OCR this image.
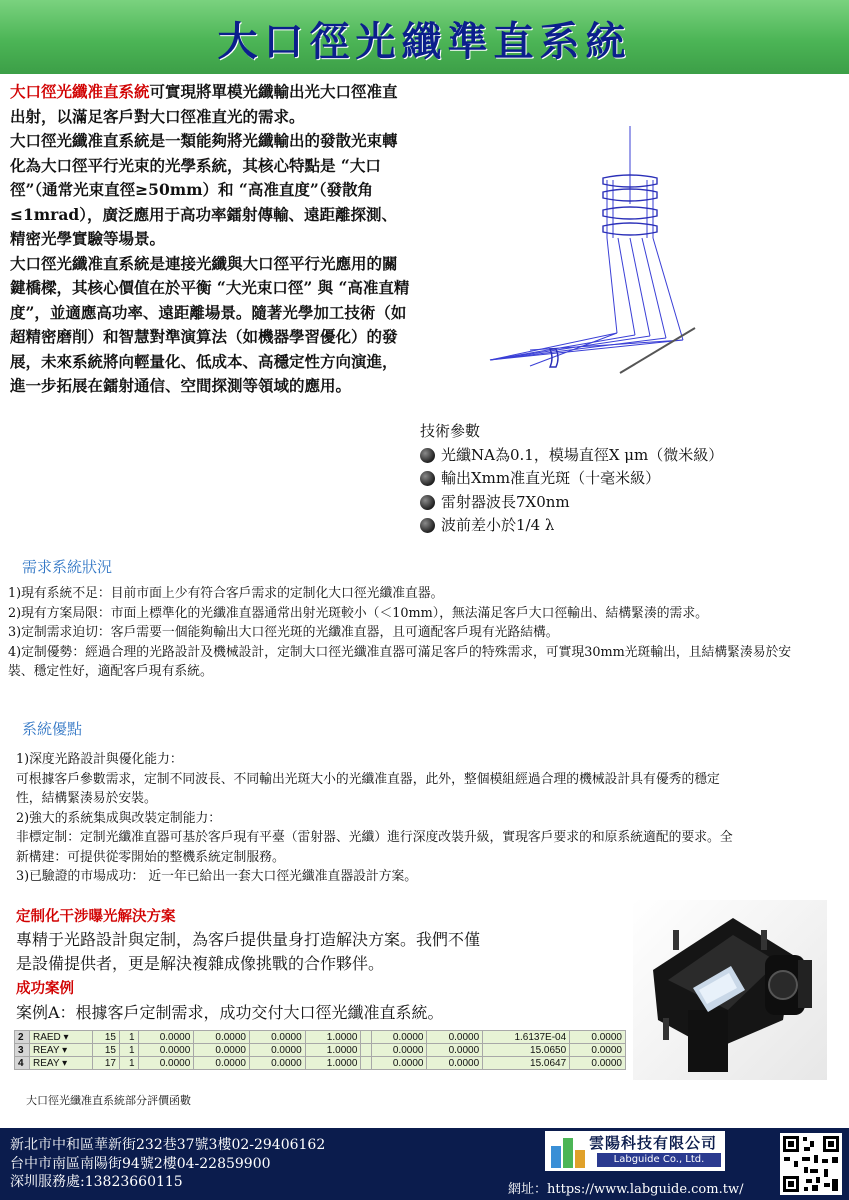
大口徑光纖準直系統

大口徑光纖准直系統可實現將單模光纖輸出光大口徑准直出射，以滿足客戶對大口徑准直光的需求。

大口徑光纖准直系統是一類能夠將光纖輸出的發散光束轉化為大口徑平行光束的光學系統，其核心特點是 “大口徑”（通常光束直徑≥50mm）和 “高准直度”（發散角≤1mrad），廣泛應用于高功率鐳射傳輸、遠距離探測、精密光學實驗等場景。

大口徑光纖准直系統是連接光纖與大口徑平行光應用的關鍵橋樑，其核心價值在於平衡 “大光束口徑” 與 “高准直精度”，並適應高功率、遠距離場景。隨著光學加工技術（如超精密磨削）和智慧對準演算法（如機器學習優化）的發展，未來系統將向輕量化、低成本、高穩定性方向演進，進一步拓展在鐳射通信、空間探測等領域的應用。

技術參數
光纖NA為0.1，模場直徑X μm（微米級）
輸出Xmm准直光斑（十毫米級）
雷射器波長7X0nm
波前差小於1/4 λ
需求系統狀況

1)現有系統不足：目前市面上少有符合客戶需求的定制化大口徑光纖准直器。

2)現有方案局限：市面上標準化的光纖准直器通常出射光斑較小（＜10mm），無法滿足客戶大口徑輸出、結構緊湊的需求。

3)定制需求迫切：客戶需要一個能夠輸出大口徑光斑的光纖准直器，且可適配客戶現有光路結構。

4)定制優勢：經過合理的光路設計及機械設計，定制大口徑光纖准直器可滿足客戶的特殊需求，可實現30mm光斑輸出，且結構緊湊易於安裝、穩定性好，適配客戶現有系統。

系統優點

1)深度光路設計與優化能力：

可根據客戶參數需求，定制不同波長、不同輸出光斑大小的光纖准直器，此外，整個模組經過合理的機械設計具有優秀的穩定性，結構緊湊易於安裝。

2)強大的系統集成與改裝定制能力：

非標定制：定制光纖准直器可基於客戶現有平臺（雷射器、光纖）進行深度改裝升級，實現客戶要求的和原系統適配的要求。全新構建：可提供從零開始的整機系統定制服務。

3)已驗證的市場成功： 近一年已給出一套大口徑光纖准直器設計方案。

定制化干涉曝光解決方案

專精于光路設計與定制，為客戶提供量身打造解決方案。我們不僅

是設備提供者，更是解決複雜成像挑戰的合作夥伴。

成功案例
案例A：根據客戶定制需求，成功交付大口徑光纖准直系統。
2	RAED ▾	15	1	0.0000	0.0000	0.0000	1.0000		0.0000	0.0000	1.6137E-04	0.0000
3	REAY ▾	15	1	0.0000	0.0000	0.0000	1.0000		0.0000	0.0000	15.0650	0.0000
4	REAY ▾	17	1	0.0000	0.0000	0.0000	1.0000		0.0000	0.0000	15.0647	0.0000
大口徑光纖准直系統部分評價函數

新北市中和區華新街232巷37號3樓02-29406162

台中市南區南陽街94號2樓04-22859900

深圳服務處:13823660115

雲陽科技有限公司
Labguide Co., Ltd.
網址：https://www.labguide.com.tw/
